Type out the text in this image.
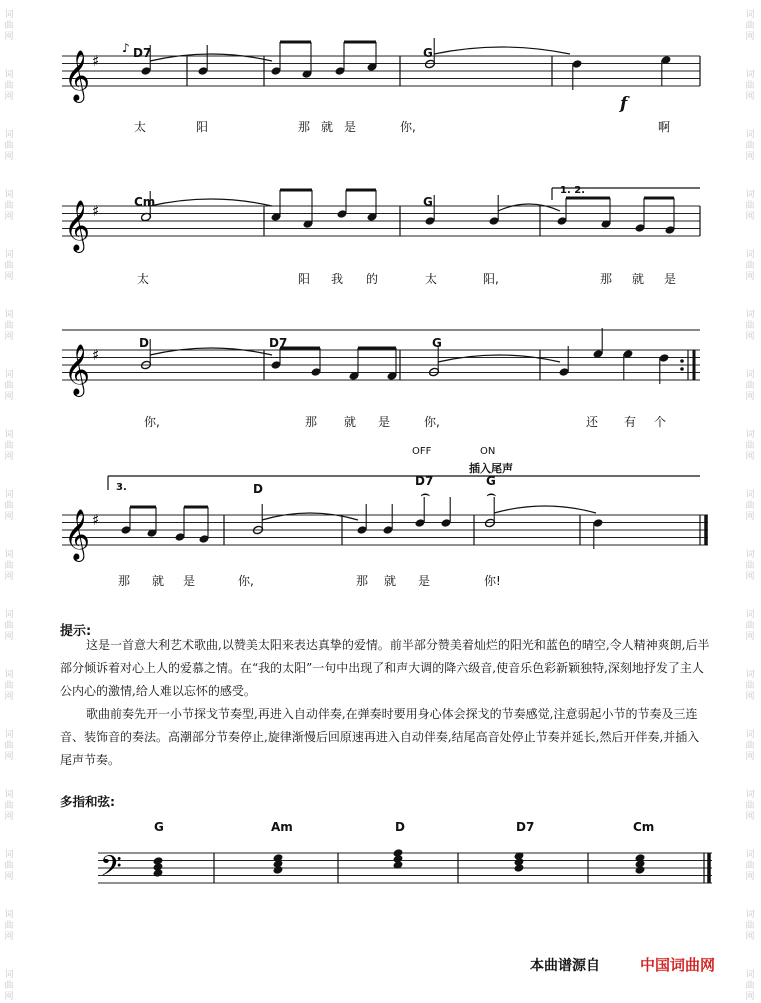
词
曲
网
词
曲
网
词
曲
网
词
曲
网
词
曲
网
词
曲
网
词
曲
网
词
曲
网
词
曲
网
词
曲
网
词
曲
网
词
曲
网
词
曲
网
词
曲
网
词
曲
网
词
曲
网
词
曲
网
词
曲
网
词
曲
网
词
曲
网
词
曲
网
词
曲
网
词
曲
网
词
曲
网
词
曲
网
词
曲
网
词
曲
网
词
曲
网
词
曲
网
词
曲
网
词
曲
网
词
曲
网
词
曲
网
词
曲
网
𝄞 ♯
♪
𝄞 ♯
𝄞 ♯
𝄞 ♯
⌢	⌢
𝄢
D7	G
太	阳	那 就 是	你,	啊
f
Cm	G
1. 2.
太	阳 我 的	太	阳,	那 就 是
D	D7	G
你,	那 就 是	你,	还 有 个
OFF	ON
插入尾声
3.	D
D7	G
那 就 是	你,	那 就 是	你!
提示:

这是一首意大利艺术歌曲,以赞美太阳来表达真挚的爱情。前半部分赞美着灿烂的阳光和蓝色的晴空,令人精神爽朗,后半部分倾诉着对心上人的爱慕之情。在“我的太阳”一句中出现了和声大调的降六级音,使音乐色彩新颖独特,深刻地抒发了主人公内心的激情,给人难以忘怀的感受。

歌曲前奏先开一小节探戈节奏型,再进入自动伴奏,在弹奏时要用身心体会探戈的节奏感觉,注意弱起小节的节奏及三连音、装饰音的奏法。高潮部分节奏停止,旋律渐慢后回原速再进入自动伴奏,结尾高音处停止节奏并延长,然后开伴奏,并插入尾声节奏。

多指和弦:
G	Am	D	D7	Cm
本曲谱源自	中国词曲网
